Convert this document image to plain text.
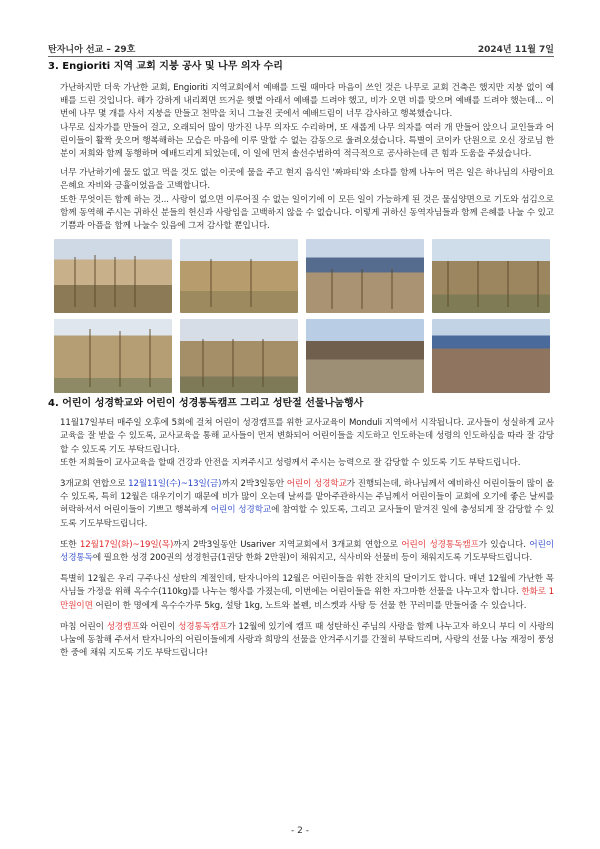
탄자니아 선교 – 29호	2024년 11월 7일
3. Engioriti 지역 교회 지붕 공사 및 나무 의자 수리

가난하지만 더욱 가난한 교회, Engioriti 지역교회에서 예배를 드릴 때마다 마음이 쓰인 것은 나무로 교회 건축은 했지만 지붕 없이 예배를 드린 것입니다. 해가 강하게 내리쬐면 뜨거운 햇볕 아래서 예배를 드려야 했고, 비가 오면 비를 맞으며 예배를 드려야 했는데... 이번에 나무 몇 개를 사서 지붕을 만들고 천막을 치니 그늘진 곳에서 예배드림이 너무 감사하고 행복했습니다.

나무로 십자가를 만들어 걸고, 오래되어 많이 망가진 나무 의자도 수리하며, 또 새롭게 나무 의자를 여러 개 만들어 앉으니 교인들과 어린이들이 활짝 웃으며 행복해하는 모습은 마음에 이루 말할 수 없는 감동으로 울려오셨습니다. 특별이 코이카 단원으로 오신 장로님 한분이 저희와 함께 동행하며 예배드리게 되었는데, 이 일에 먼저 솔선수범하여 적극적으로 공사하는데 큰 힘과 도움을 주셨습니다.

너무 가난하기에 물도 없고 먹을 것도 없는 이곳에 물을 주고 현지 음식인 '짜파티'와 소다를 함께 나누어 먹은 일은 하나님의 사랑이요 은혜요 자비와 긍휼이었음을 고백합니다.

또한 무엇이든 함께 하는 것... 사랑이 없으면 이루어질 수 없는 일이기에 이 모든 일이 가능하게 된 것은 물심양면으로 기도와 섬김으로 함께 동역해 주시는 귀하신 분들의 헌신과 사랑임을 고백하지 않을 수 없습니다. 이렇게 귀하신 동역자님들과 함께 은혜를 나눌 수 있고 기쁨과 아픔을 함께 나눌수 있음에 그저 감사할 뿐입니다.

4. 어린이 성경학교와 어린이 성경통독캠프 그리고 성탄절 선물나눔행사

11월17일부터 매주일 오후에 5회에 걸쳐 어린이 성경캠프를 위한 교사교육이 Monduli 지역에서 시작됩니다. 교사들이 성실하게 교사교육을 잘 받을 수 있도록, 교사교육을 통해 교사들이 먼저 변화되어 어린이들을 지도하고 인도하는데 성령의 인도하심을 따라 잘 감당할 수 있도록 기도 부탁드립니다.

또한 저희들이 교사교육을 할때 건강과 안전을 지켜주시고 성령께서 주시는 능력으로 잘 감당할 수 있도록 기도 부탁드립니다.

3개교회 연합으로 12월11일(수)~13일(금)까지 2박3일동안 어린이 성경학교가 진행되는데, 하나님께서 예비하신 어린이들이 많이 올 수 있도록, 특히 12월은 대우기이기 때문에 비가 많이 오는데 날씨를 맡아주관하시는 주님께서 어린이들이 교회에 오기에 좋은 날씨를 허락하셔서 어린이들이 기쁘고 행복하게 어린이 성경학교에 참여할 수 있도록, 그리고 교사들이 맡겨진 일에 충성되게 잘 감당할 수 있도록 기도부탁드립니다.

또한 12월17일(화)~19일(목)까지 2박3일동안 Usariver 지역교회에서 3개교회 연합으로 어린이 성경통독캠프가 있습니다. 어린이 성경통독에 필요한 성경 200권의 성경헌금(1권당 한화 2만원)이 채워지고, 식사비와 선물비 등이 채워지도록 기도부탁드립니다.

특별히 12월은 우리 구주나신 성탄의 계절인데, 탄자니아의 12월은 어린이들을 위한 잔치의 달이기도 합니다. 매년 12월에 가난한 목사님들 가정을 위해 옥수수(110kg)를 나누는 행사를 가졌는데, 이번에는 어린이들을 위한 자그마한 선물을 나누고자 합니다. 한화로 1만원이면 어린이 한 명에게 옥수수가루 5kg, 설탕 1kg, 노트와 볼펜, 비스켓과 사탕 등 선물 한 꾸러미를 만들어줄 수 있습니다.

마침 어린이 성경캠프와 어린이 성경통독캠프가 12월에 있기에 캠프 때 성탄하신 주님의 사랑을 함께 나누고자 하오니 부디 이 사랑의 나눔에 동참해 주셔서 탄자니아의 어린이들에게 사랑과 희망의 선물을 안겨주시기를 간절히 부탁드리며, 사랑의 선물 나눔 재정이 풍성한 중에 채워 지도록 기도 부탁드립니다!

- 2 -
